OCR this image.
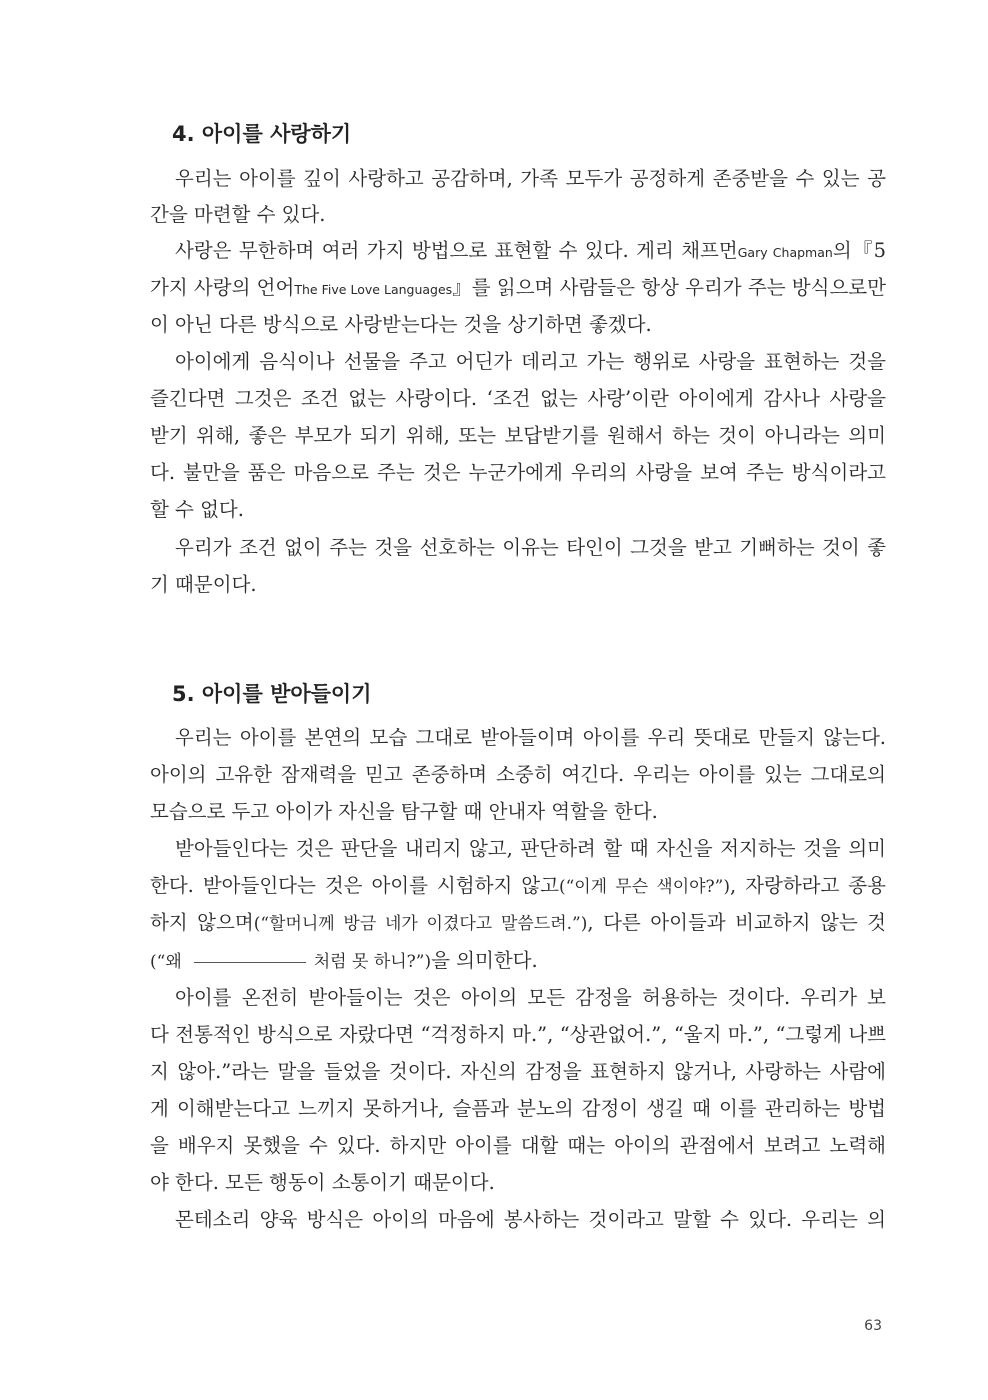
4. 아이를 사랑하기

우리는 아이를 깊이 사랑하고 공감하며, 가족 모두가 공정하게 존중받을 수 있는 공

간을 마련할 수 있다.

사랑은 무한하며 여러 가지 방법으로 표현할 수 있다. 게리 채프먼Gary Chapman의『5

가지 사랑의 언어The Five Love Languages』를 읽으며 사람들은 항상 우리가 주는 방식으로만

이 아닌 다른 방식으로 사랑받는다는 것을 상기하면 좋겠다.

아이에게 음식이나 선물을 주고 어딘가 데리고 가는 행위로 사랑을 표현하는 것을

즐긴다면 그것은 조건 없는 사랑이다. ‘조건 없는 사랑’이란 아이에게 감사나 사랑을

받기 위해, 좋은 부모가 되기 위해, 또는 보답받기를 원해서 하는 것이 아니라는 의미

다. 불만을 품은 마음으로 주는 것은 누군가에게 우리의 사랑을 보여 주는 방식이라고

할 수 없다.

우리가 조건 없이 주는 것을 선호하는 이유는 타인이 그것을 받고 기뻐하는 것이 좋

기 때문이다.

5. 아이를 받아들이기

우리는 아이를 본연의 모습 그대로 받아들이며 아이를 우리 뜻대로 만들지 않는다.

아이의 고유한 잠재력을 믿고 존중하며 소중히 여긴다. 우리는 아이를 있는 그대로의

모습으로 두고 아이가 자신을 탐구할 때 안내자 역할을 한다.

받아들인다는 것은 판단을 내리지 않고, 판단하려 할 때 자신을 저지하는 것을 의미

한다. 받아들인다는 것은 아이를 시험하지 않고(“이게 무슨 색이야?”), 자랑하라고 종용

하지 않으며(“할머니께 방금 네가 이겼다고 말씀드려.”), 다른 아이들과 비교하지 않는 것

(“왜	처럼 못 하니?”)을 의미한다.

아이를 온전히 받아들이는 것은 아이의 모든 감정을 허용하는 것이다. 우리가 보

다 전통적인 방식으로 자랐다면 “걱정하지 마.”, “상관없어.”, “울지 마.”, “그렇게 나쁘

지 않아.”라는 말을 들었을 것이다. 자신의 감정을 표현하지 않거나, 사랑하는 사람에

게 이해받는다고 느끼지 못하거나, 슬픔과 분노의 감정이 생길 때 이를 관리하는 방법

을 배우지 못했을 수 있다. 하지만 아이를 대할 때는 아이의 관점에서 보려고 노력해

야 한다. 모든 행동이 소통이기 때문이다.

몬테소리 양육 방식은 아이의 마음에 봉사하는 것이라고 말할 수 있다. 우리는 의

63
